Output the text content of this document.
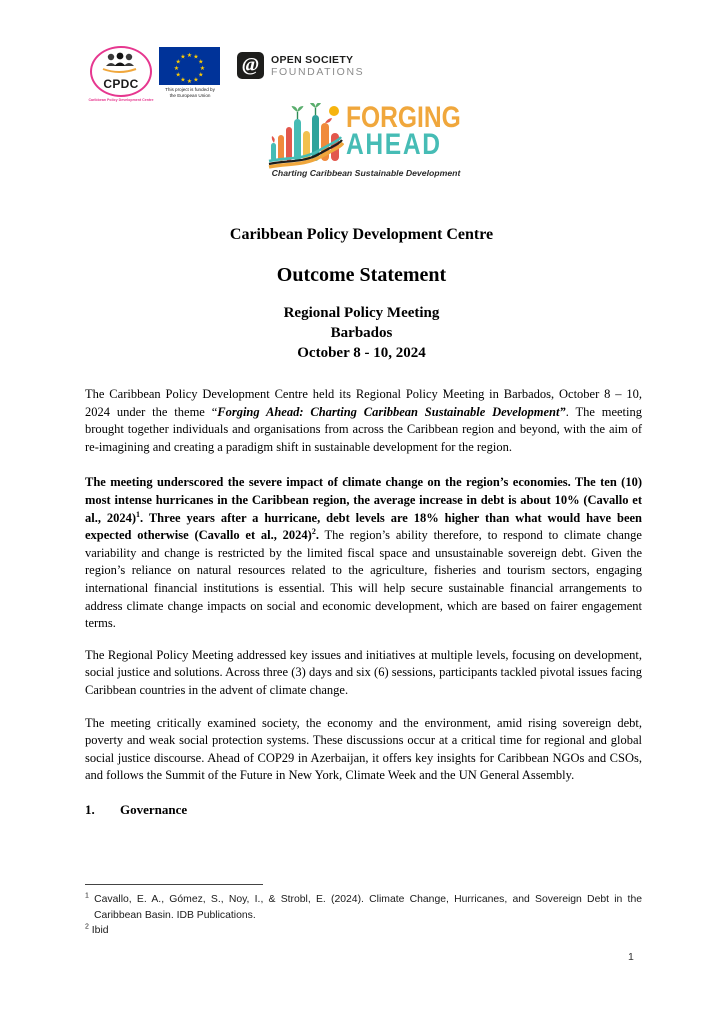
CPDC
Caribbean Policy Development Centre
★ ★
★
★
★
★
★
★
★
★
★
★
This project is funded by
the European Union
@	OPEN SOCIETY
FOUNDATIONS
FORGING
AHEAD
Charting Caribbean Sustainable Development
Caribbean Policy Development Centre
Outcome Statement
Regional Policy Meeting
Barbados
October 8 - 10, 2024

The Caribbean Policy Development Centre held its Regional Policy Meeting in Barbados, October 8 – 10, 2024 under the theme “Forging Ahead: Charting Caribbean Sustainable Development”. The meeting brought together individuals and organisations from across the Caribbean region and beyond, with the aim of re-imagining and creating a paradigm shift in sustainable development for the region.

The meeting underscored the severe impact of climate change on the region’s economies. The ten (10) most intense hurricanes in the Caribbean region, the average increase in debt is about 10% (Cavallo et al., 2024)$^1$. Three years after a hurricane, debt levels are 18% higher than what would have been expected otherwise (Cavallo et al., 2024)$^2$. The region’s ability therefore, to respond to climate change variability and change is restricted by the limited fiscal space and unsustainable sovereign debt. Given the region’s reliance on natural resources related to the agriculture, fisheries and tourism sectors, engaging international financial institutions is essential. This will help secure sustainable financial arrangements to address climate change impacts on social and economic development, which are based on fairer engagement terms.

The Regional Policy Meeting addressed key issues and initiatives at multiple levels, focusing on development, social justice and solutions. Across three (3) days and six (6) sessions, participants tackled pivotal issues facing Caribbean countries in the advent of climate change.

The meeting critically examined society, the economy and the environment, amid rising sovereign debt, poverty and weak social protection systems. These discussions occur at a critical time for regional and global social justice discourse. Ahead of COP29 in Azerbaijan, it offers key insights for Caribbean NGOs and CSOs, and follows the Summit of the Future in New York, Climate Week and the UN General Assembly.

1.	Governance
$^1$ Cavallo, E. A., Gómez, S., Noy, I., & Strobl, E. (2024). Climate Change, Hurricanes, and Sovereign Debt in the Caribbean Basin. IDB Publications.
$^2$ Ibid
1
